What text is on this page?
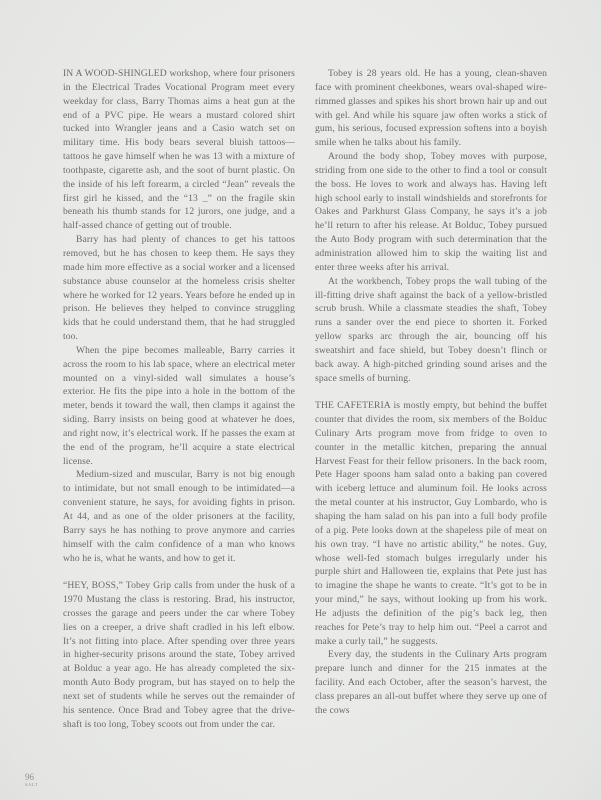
IN A WOOD-SHINGLED workshop, where four prisoners in the Electrical Trades Vocational Program meet every weekday for class, Barry Thomas aims a heat gun at the end of a PVC pipe. He wears a mustard colored shirt tucked into Wrangler jeans and a Casio watch set on military time. His body bears several bluish tattoos—tattoos he gave himself when he was 13 with a mixture of toothpaste, cigarette ash, and the soot of burnt plastic. On the inside of his left forearm, a circled “Jean” reveals the first girl he kissed, and the “13 _” on the fragile skin beneath his thumb stands for 12 jurors, one judge, and a half-assed chance of getting out of trouble.

Barry has had plenty of chances to get his tattoos removed, but he has chosen to keep them. He says they made him more effective as a social worker and a licensed substance abuse counselor at the homeless crisis shelter where he worked for 12 years. Years before he ended up in prison. He believes they helped to convince struggling kids that he could understand them, that he had struggled too.

When the pipe becomes malleable, Barry carries it across the room to his lab space, where an electrical meter mounted on a vinyl-sided wall simulates a house’s exterior. He fits the pipe into a hole in the bottom of the meter, bends it toward the wall, then clamps it against the siding. Barry insists on being good at whatever he does, and right now, it’s electrical work. If he passes the exam at the end of the program, he’ll acquire a state electrical license.

Medium-sized and muscular, Barry is not big enough to intimidate, but not small enough to be intimidated—a convenient stature, he says, for avoiding fights in prison. At 44, and as one of the older prisoners at the facility, Barry says he has nothing to prove anymore and carries himself with the calm confidence of a man who knows who he is, what he wants, and how to get it.

“HEY, BOSS,” Tobey Grip calls from under the husk of a 1970 Mustang the class is restoring. Brad, his instructor, crosses the garage and peers under the car where Tobey lies on a creeper, a drive shaft cradled in his left elbow. It’s not fitting into place. After spending over three years in higher-security prisons around the state, Tobey arrived at Bolduc a year ago. He has already completed the six-month Auto Body program, but has stayed on to help the next set of students while he serves out the remainder of his sentence. Once Brad and Tobey agree that the drive-shaft is too long, Tobey scoots out from under the car.

Tobey is 28 years old. He has a young, clean-shaven face with prominent cheekbones, wears oval-shaped wire-rimmed glasses and spikes his short brown hair up and out with gel. And while his square jaw often works a stick of gum, his serious, focused expression softens into a boyish smile when he talks about his family.

Around the body shop, Tobey moves with purpose, striding from one side to the other to find a tool or consult the boss. He loves to work and always has. Having left high school early to install windshields and storefronts for Oakes and Parkhurst Glass Company, he says it’s a job he’ll return to after his release. At Bolduc, Tobey pursued the Auto Body program with such determination that the administration allowed him to skip the waiting list and enter three weeks after his arrival.

At the workbench, Tobey props the wall tubing of the ill-fitting drive shaft against the back of a yellow-bristled scrub brush. While a classmate steadies the shaft, Tobey runs a sander over the end piece to shorten it. Forked yellow sparks arc through the air, bouncing off his sweatshirt and face shield, but Tobey doesn’t flinch or back away. A high-pitched grinding sound arises and the space smells of burning.

THE CAFETERIA is mostly empty, but behind the buffet counter that divides the room, six members of the Bolduc Culinary Arts program move from fridge to oven to counter in the metallic kitchen, preparing the annual Harvest Feast for their fellow prisoners. In the back room, Pete Hager spoons ham salad onto a baking pan covered with iceberg lettuce and aluminum foil. He looks across the metal counter at his instructor, Guy Lombardo, who is shaping the ham salad on his pan into a full body profile of a pig. Pete looks down at the shapeless pile of meat on his own tray. “I have no artistic ability,” he notes. Guy, whose well-fed stomach bulges irregularly under his purple shirt and Halloween tie, explains that Pete just has to imagine the shape he wants to create. “It’s got to be in your mind,” he says, without looking up from his work. He adjusts the definition of the pig’s back leg, then reaches for Pete’s tray to help him out. “Peel a carrot and make a curly tail,” he suggests.

Every day, the students in the Culinary Arts program prepare lunch and dinner for the 215 inmates at the facility. And each October, after the season’s harvest, the class prepares an all-out buffet where they serve up one of the cows

96
SALT
